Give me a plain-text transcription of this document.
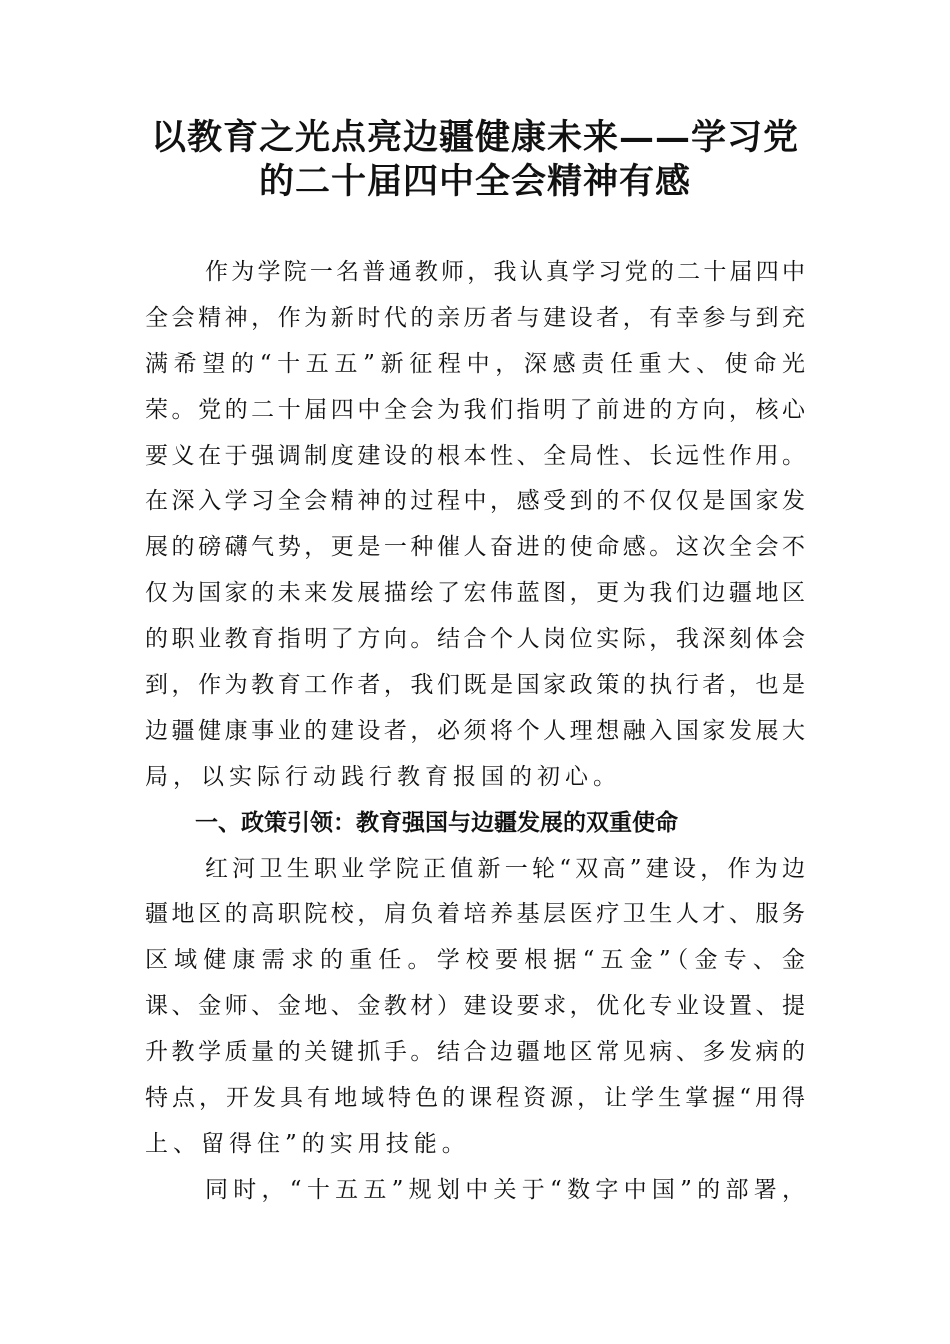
以教育之光点亮边疆健康未来——学习党
的二十届四中全会精神有感
作为学院一名普通教师，我认真学习党的二十届四中
全会精神，作为新时代的亲历者与建设者，有幸参与到充
满希望的“十五五”新征程中，深感责任重大、使命光
荣。党的二十届四中全会为我们指明了前进的方向，核心
要义在于强调制度建设的根本性、全局性、长远性作用。
在深入学习全会精神的过程中，感受到的不仅仅是国家发
展的磅礴气势，更是一种催人奋进的使命感。这次全会不
仅为国家的未来发展描绘了宏伟蓝图，更为我们边疆地区
的职业教育指明了方向。结合个人岗位实际，我深刻体会
到，作为教育工作者，我们既是国家政策的执行者，也是
边疆健康事业的建设者，必须将个人理想融入国家发展大
局，以实际行动践行教育报国的初心。
一、政策引领：教育强国与边疆发展的双重使命
红河卫生职业学院正值新一轮“双高”建设，作为边
疆地区的高职院校，肩负着培养基层医疗卫生人才、服务
区域健康需求的重任。学校要根据“五金”（金专、金
课、金师、金地、金教材）建设要求，优化专业设置、提
升教学质量的关键抓手。结合边疆地区常见病、多发病的
特点，开发具有地域特色的课程资源，让学生掌握“用得
上、留得住”的实用技能。
同时，“十五五”规划中关于“数字中国”的部署，
